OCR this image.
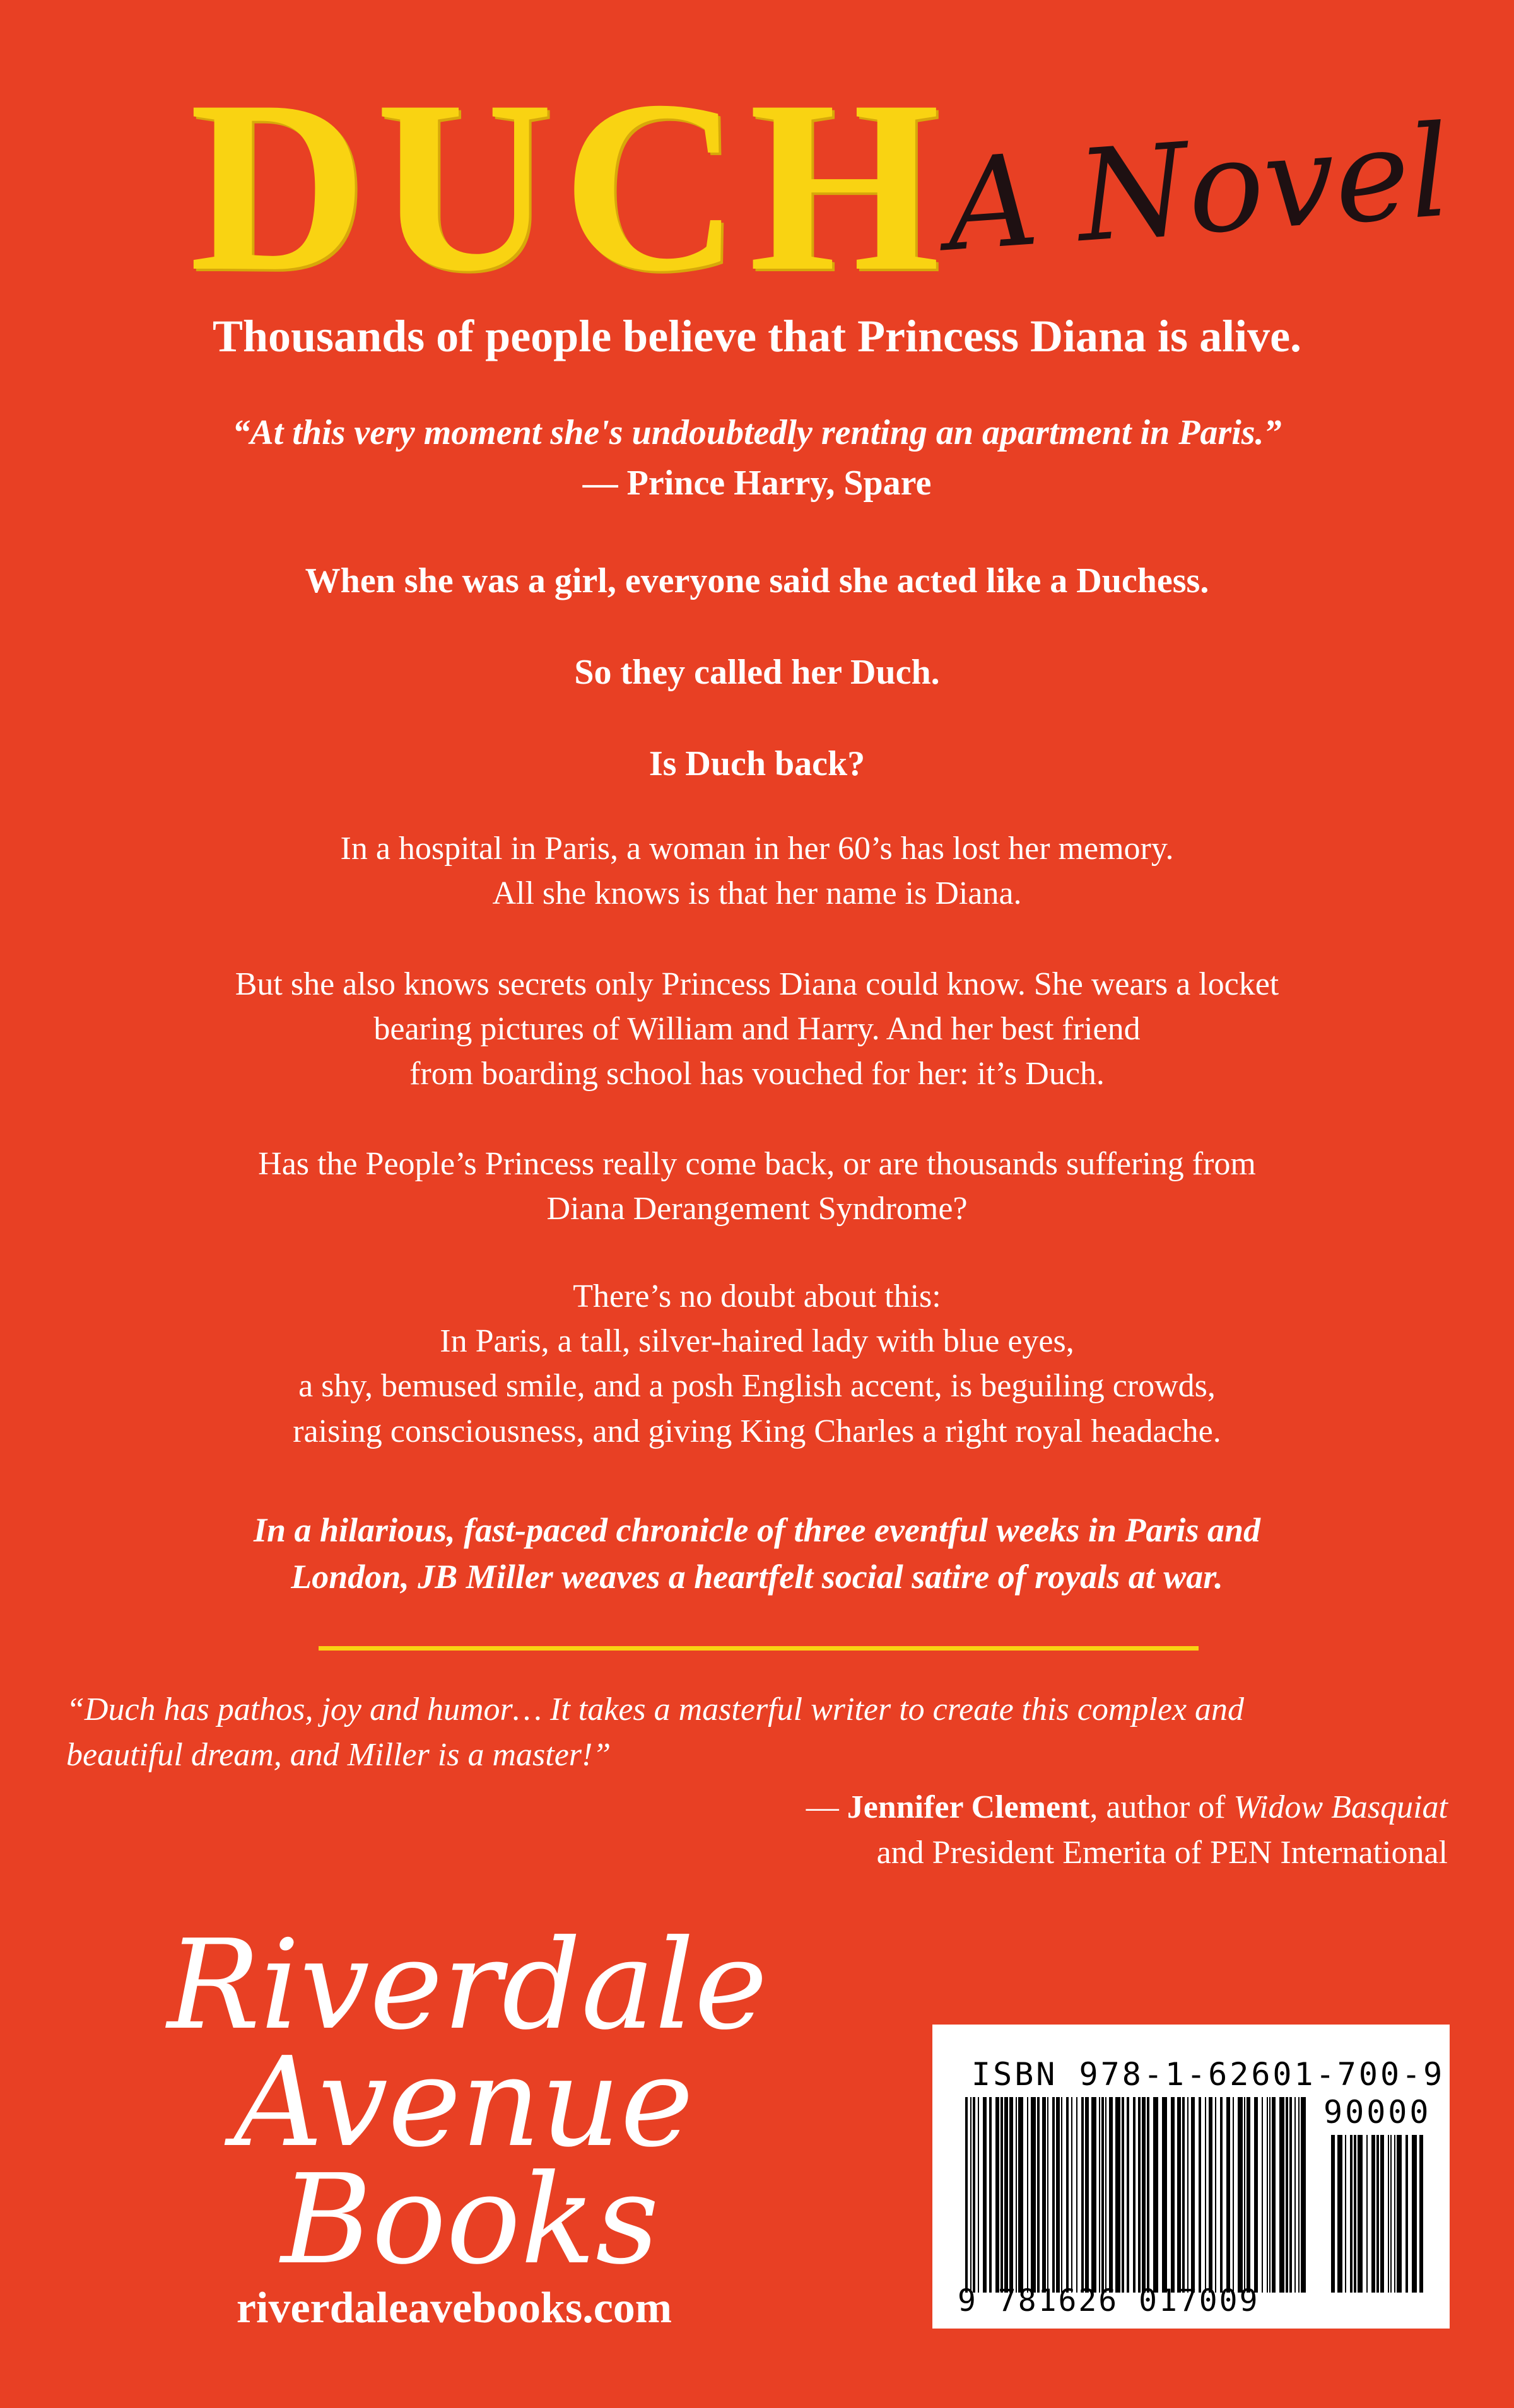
DUCH
A Novel
Thousands of people believe that Princess Diana is alive.
“At this very moment she's undoubtedly renting an apartment in Paris.”
— Prince Harry, Spare
When she was a girl, everyone said she acted like a Duchess.
So they called her Duch.
Is Duch back?
In a hospital in Paris, a woman in her 60’s has lost her memory.
All she knows is that her name is Diana.
But she also knows secrets only Princess Diana could know. She wears a locket
bearing pictures of William and Harry. And her best friend
from boarding school has vouched for her: it’s Duch.
Has the People’s Princess really come back, or are thousands suffering from
Diana Derangement Syndrome?
There’s no doubt about this:
In Paris, a tall, silver-haired lady with blue eyes,
a shy, bemused smile, and a posh English accent, is beguiling crowds,
raising consciousness, and giving King Charles a right royal headache.
In a hilarious, fast-paced chronicle of three eventful weeks in Paris and
London, JB Miller weaves a heartfelt social satire of royals at war.
“Duch has pathos, joy and humor… It takes a masterful writer to create this complex and
beautiful dream, and Miller is a master!”
— Jennifer Clement, author of Widow Basquiat
and President Emerita of PEN International
Riverdale
Avenue
Books
riverdaleavebooks.com
ISBN 978-1-62601-700-9
90000
9 781626 017009
